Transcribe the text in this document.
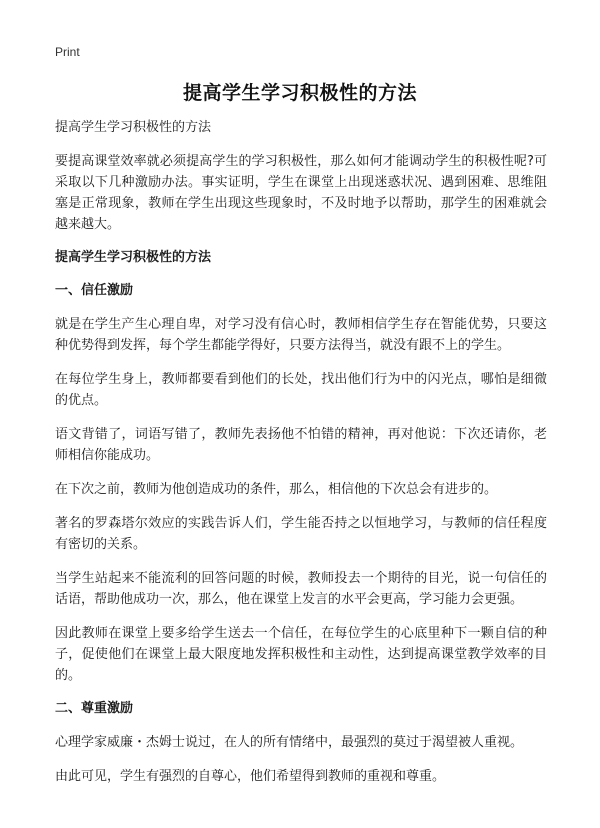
Print
提高学生学习积极性的方法

提高学生学习积极性的方法

要提高课堂效率就必须提高学生的学习积极性，那么如何才能调动学生的积极性呢?可采取以下几种激励办法。事实证明，学生在课堂上出现迷惑状况、遇到困难、思维阻塞是正常现象，教师在学生出现这些现象时，不及时地予以帮助，那学生的困难就会越来越大。

提高学生学习积极性的方法

一、信任激励

就是在学生产生心理自卑，对学习没有信心时，教师相信学生存在智能优势，只要这种优势得到发挥，每个学生都能学得好，只要方法得当，就没有跟不上的学生。

在每位学生身上，教师都要看到他们的长处，找出他们行为中的闪光点，哪怕是细微的优点。

语文背错了，词语写错了，教师先表扬他不怕错的精神，再对他说：下次还请你，老师相信你能成功。

在下次之前，教师为他创造成功的条件，那么，相信他的下次总会有进步的。

著名的罗森塔尔效应的实践告诉人们，学生能否持之以恒地学习，与教师的信任程度有密切的关系。

当学生站起来不能流利的回答问题的时候，教师投去一个期待的目光，说一句信任的话语，帮助他成功一次，那么，他在课堂上发言的水平会更高，学习能力会更强。

因此教师在课堂上要多给学生送去一个信任，在每位学生的心底里种下一颗自信的种子，促使他们在课堂上最大限度地发挥积极性和主动性，达到提高课堂教学效率的目的。

二、尊重激励

心理学家威廉・杰姆士说过，在人的所有情绪中，最强烈的莫过于渴望被人重视。

由此可见，学生有强烈的自尊心，他们希望得到教师的重视和尊重。
